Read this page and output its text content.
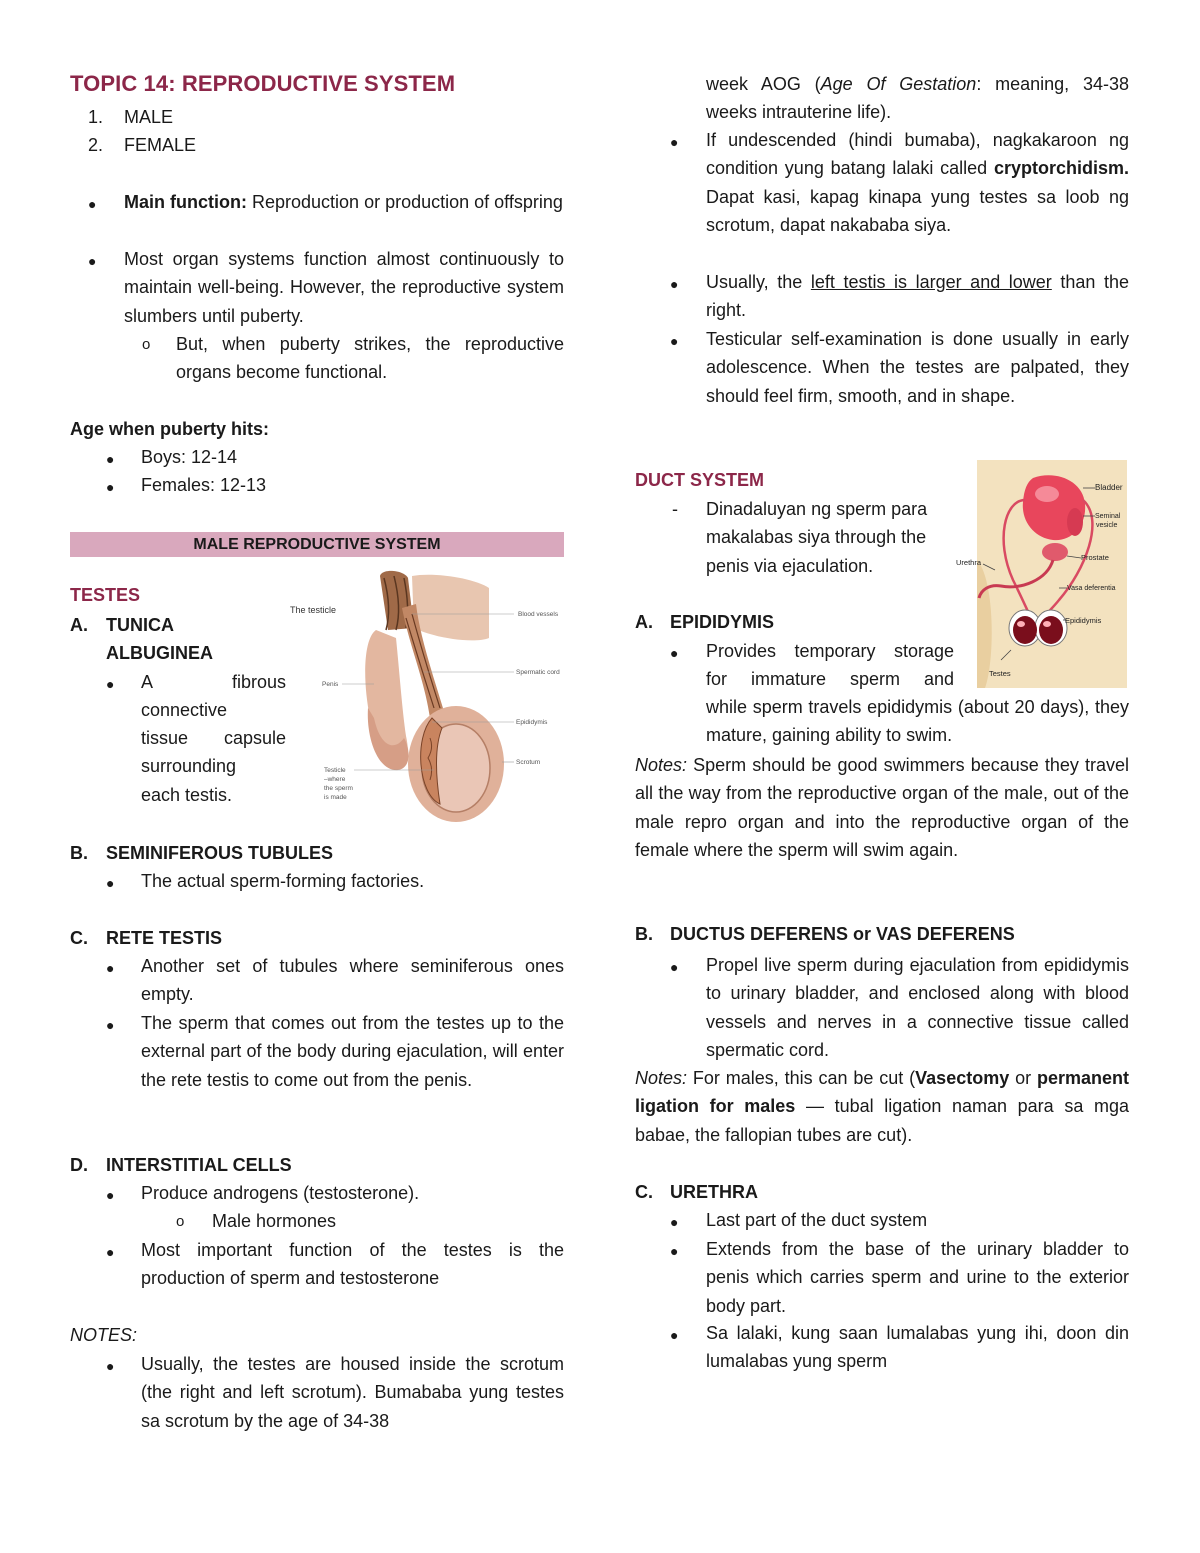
TOPIC 14: REPRODUCTIVE SYSTEM
1. MALE
2. FEMALE
● Main function: Reproduction or production of offspring
● Most organ systems function almost continuously to maintain well-being. However, the reproductive system slumbers until puberty.
o But, when puberty strikes, the reproductive organs become functional.
Age when puberty hits:
● Boys: 12-14
● Females: 12-13
MALE REPRODUCTIVE SYSTEM
TESTES
A. TUNICA
ALBUGINEA
● A fibrous
connective
tissue capsule
surrounding
each testis.
The testicle	Blood vessels
Spermatic cord
Penis
Epididymis
Scrotum
Testicle
–where
the sperm
is made
B. SEMINIFEROUS TUBULES
● The actual sperm-forming factories.
C. RETE TESTIS
● Another set of tubules where seminiferous ones empty.
● The sperm that comes out from the testes up to the external part of the body during ejaculation, will enter the rete testis to come out from the penis.
D. INTERSTITIAL CELLS
● Produce androgens (testosterone).
o Male hormones
● Most important function of the testes is the production of sperm and testosterone
NOTES:
● Usually, the testes are housed inside the scrotum (the right and left scrotum). Bumababa yung testes sa scrotum by the age of 34-38
week AOG (Age Of Gestation: meaning, 34-38 weeks intrauterine life).
● If undescended (hindi bumaba), nagkakaroon ng condition yung batang lalaki called cryptorchidism. Dapat kasi, kapag kinapa yung testes sa loob ng scrotum, dapat nakababa siya.
● Usually, the left testis is larger and lower than the right.
● Testicular self-examination is done usually in early adolescence. When the testes are palpated, they should feel firm, smooth, and in shape.
DUCT SYSTEM
- Dinadaluyan ng sperm para
makalabas siya through the
penis via ejaculation.
Bladder
Seminal
vesicle
Prostate
Urethra
Vasa deferentia
Epididymis
Testes
A. EPIDIDYMIS
● Provides temporary storage
for immature sperm and
while sperm travels epididymis (about 20 days), they mature, gaining ability to swim.
Notes: Sperm should be good swimmers because they travel all the way from the reproductive organ of the male, out of the male repro organ and into the reproductive organ of the female where the sperm will swim again.
B. DUCTUS DEFERENS or VAS DEFERENS
● Propel live sperm during ejaculation from epididymis to urinary bladder, and enclosed along with blood vessels and nerves in a connective tissue called spermatic cord.
Notes: For males, this can be cut (Vasectomy or permanent ligation for males — tubal ligation naman para sa mga babae, the fallopian tubes are cut).
C. URETHRA
● Last part of the duct system
● Extends from the base of the urinary bladder to penis which carries sperm and urine to the exterior body part.
● Sa lalaki, kung saan lumalabas yung ihi, doon din lumalabas yung sperm
